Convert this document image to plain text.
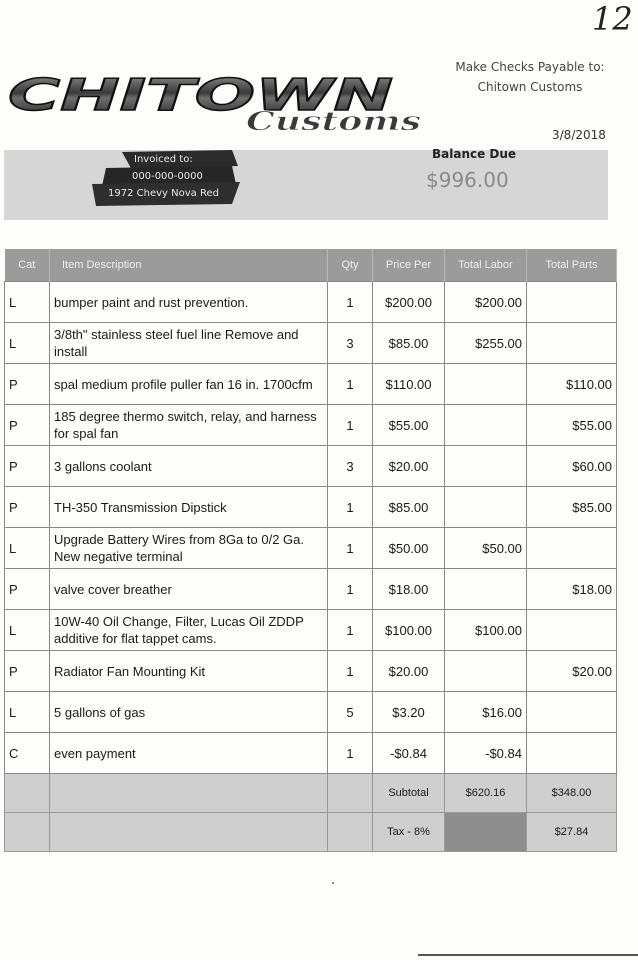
12
CHITOWN
Customs
Make Checks Payable to:
Chitown Customs
3/8/2018
Invoiced to:
000-000-0000
1972 Chevy Nova Red
Balance Due
$996.00
Cat	Item Description	Qty	Price Per	Total Labor	Total Parts
L	bumper paint and rust prevention.	1	$200.00	$200.00	
L	3/8th" stainless steel fuel line Remove and install	3	$85.00	$255.00	
P	spal medium profile puller fan 16 in. 1700cfm	1	$110.00		$110.00
P	185 degree thermo switch, relay, and harness for spal fan	1	$55.00		$55.00
P	3 gallons coolant	3	$20.00		$60.00
P	TH-350 Transmission Dipstick	1	$85.00		$85.00
L	Upgrade Battery Wires from 8Ga to 0/2 Ga. New negative terminal	1	$50.00	$50.00	
P	valve cover breather	1	$18.00		$18.00
L	10W-40 Oil Change, Filter, Lucas Oil ZDDP additive for flat tappet cams.	1	$100.00	$100.00	
P	Radiator Fan Mounting Kit	1	$20.00		$20.00
L	5 gallons of gas	5	$3.20	$16.00	
C	even payment	1	-$0.84	-$0.84	
			Subtotal	$620.16	$348.00
			Tax - 8%		$27.84
